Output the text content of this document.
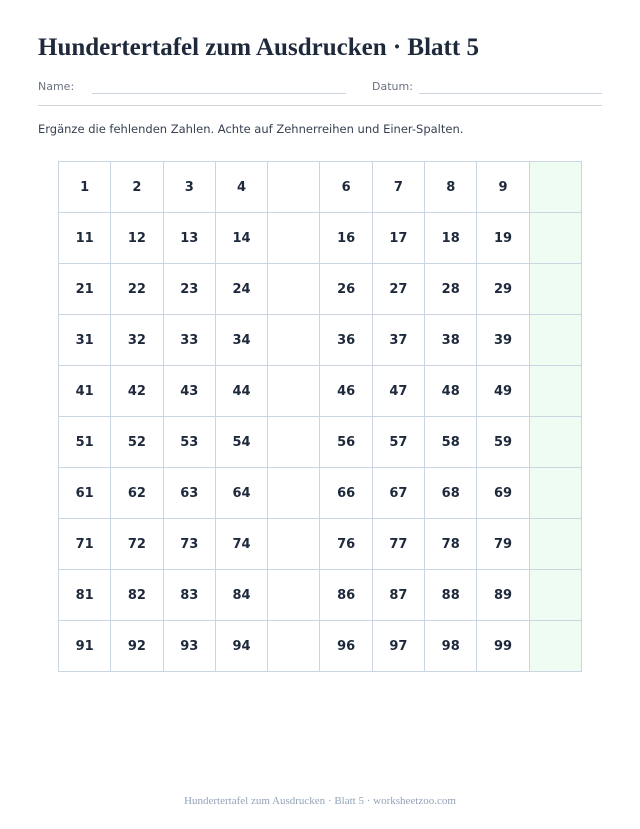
Hundertertafel zum Ausdrucken · Blatt 5
Name:	Datum:

Ergänze die fehlenden Zahlen. Achte auf Zehnerreihen und Einer-Spalten.

1	2	3	4		6	7	8	9	
11	12	13	14		16	17	18	19	
21	22	23	24		26	27	28	29	
31	32	33	34		36	37	38	39	
41	42	43	44		46	47	48	49	
51	52	53	54		56	57	58	59	
61	62	63	64		66	67	68	69	
71	72	73	74		76	77	78	79	
81	82	83	84		86	87	88	89	
91	92	93	94		96	97	98	99	
Hundertertafel zum Ausdrucken · Blatt 5 · worksheetzoo.com
